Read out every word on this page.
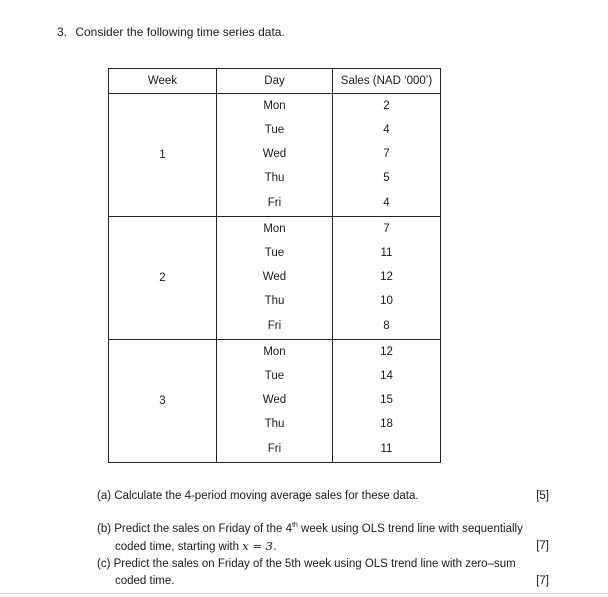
3. Consider the following time series data.
Week	Day	Sales (NAD ‘000’)
1	Mon	2
	Tue	4
	Wed	7
	Thu	5
	Fri	4
2	Mon	7
	Tue	11
	Wed	12
	Thu	10
	Fri	8
3	Mon	12
	Tue	14
	Wed	15
	Thu	18
	Fri	11
(a) Calculate the 4-period moving average sales for these data.	[5]
(b) Predict the sales on Friday of the 4th week using OLS trend line with sequentially
coded time, starting with x = 3.	[7]
(c) Predict the sales on Friday of the 5th week using OLS trend line with zero–sum
coded time.	[7]
